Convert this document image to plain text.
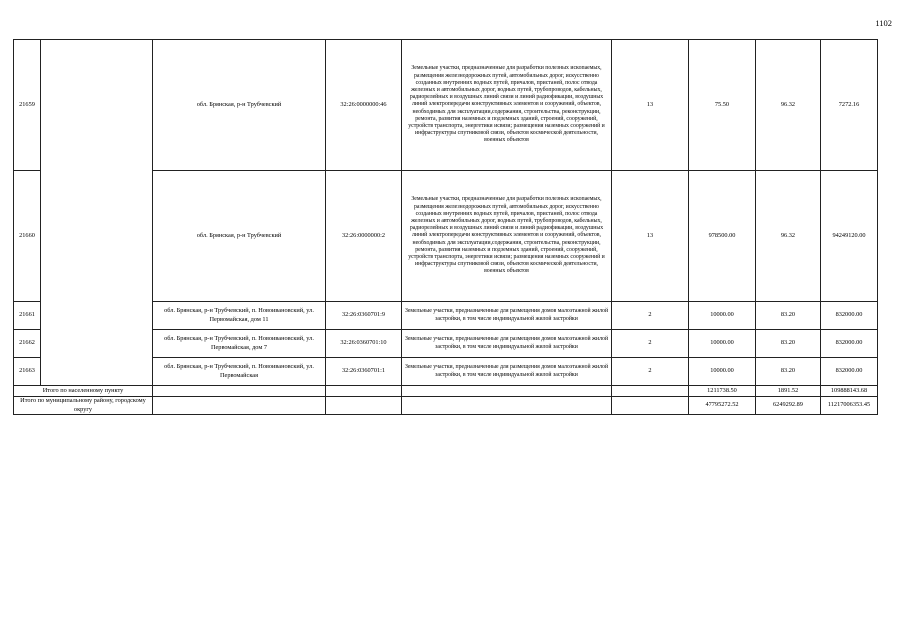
1102
21659		обл. Брянская, р-н Трубчевский	32:26:0000000:46	Земельные участки, предназначенные для разработки полезных ископаемых, размещения железнодорожных путей, автомобильных дорог, искусственно созданных внутренних водных путей, причалов, пристаней, полос отвода железных и автомобильных дорог, водных путей, трубопроводов, кабельных, радиорелейных и воздушных линий связи и линий радиофикации, воздушных линий электропередачи конструктивных элементов и сооружений, объектов, необходимых для эксплуатации,содержания, строительства, реконструкции, ремонта, развития наземных и подземных зданий, строений, сооружений, устройств транспорта, энергетики исвязи; размещения наземных сооружений и инфраструктуры спутниковой связи, объектов космической деятельности, военных объектов	13	75.50	96.32	7272.16
21660		обл. Брянская, р-н Трубчевский	32:26:0000000:2	Земельные участки, предназначенные для разработки полезных ископаемых, размещения железнодорожных путей, автомобильных дорог, искусственно созданных внутренних водных путей, причалов, пристаней, полос отвода железных и автомобильных дорог, водных путей, трубопроводов, кабельных, радиорелейных и воздушных линий связи и линий радиофикации, воздушных линий электропередачи конструктивных элементов и сооружений, объектов, необходимых для эксплуатации,содержания, строительства, реконструкции, ремонта, развития наземных и подземных зданий, строений, сооружений, устройств транспорта, энергетики исвязи; размещения наземных сооружений и инфраструктуры спутниковой связи, объектов космической деятельности, военных объектов	13	978500.00	96.32	94249120.00
21661		обл. Брянская, р-н Трубчевский, п. Новоивановский, ул. Первомайская, дом 11	32:26:0360701:9	Земельные участки, предназначенные для размещения домов малоэтажной жилой застройки, в том числе индивидуальной жилой застройки	2	10000.00	83.20	832000.00
21662		обл. Брянская, р-н Трубчевский, п. Новоивановский, ул. Первомайская, дом 7	32:26:0360701:10	Земельные участки, предназначенные для размещения домов малоэтажной жилой застройки, в том числе индивидуальной жилой застройки	2	10000.00	83.20	832000.00
21663		обл. Брянская, р-н Трубчевский, п. Новоивановский, ул. Первомайская	32:26:0360701:1	Земельные участки, предназначенные для размещения домов малоэтажной жилой застройки, в том числе индивидуальной жилой застройки	2	10000.00	83.20	832000.00
Итого по населенному пункту						1211738.50	1891.52	109888143.68
Итого по муниципальному району, городскому округу						47795272.52	6249292.89	11217006353.45
